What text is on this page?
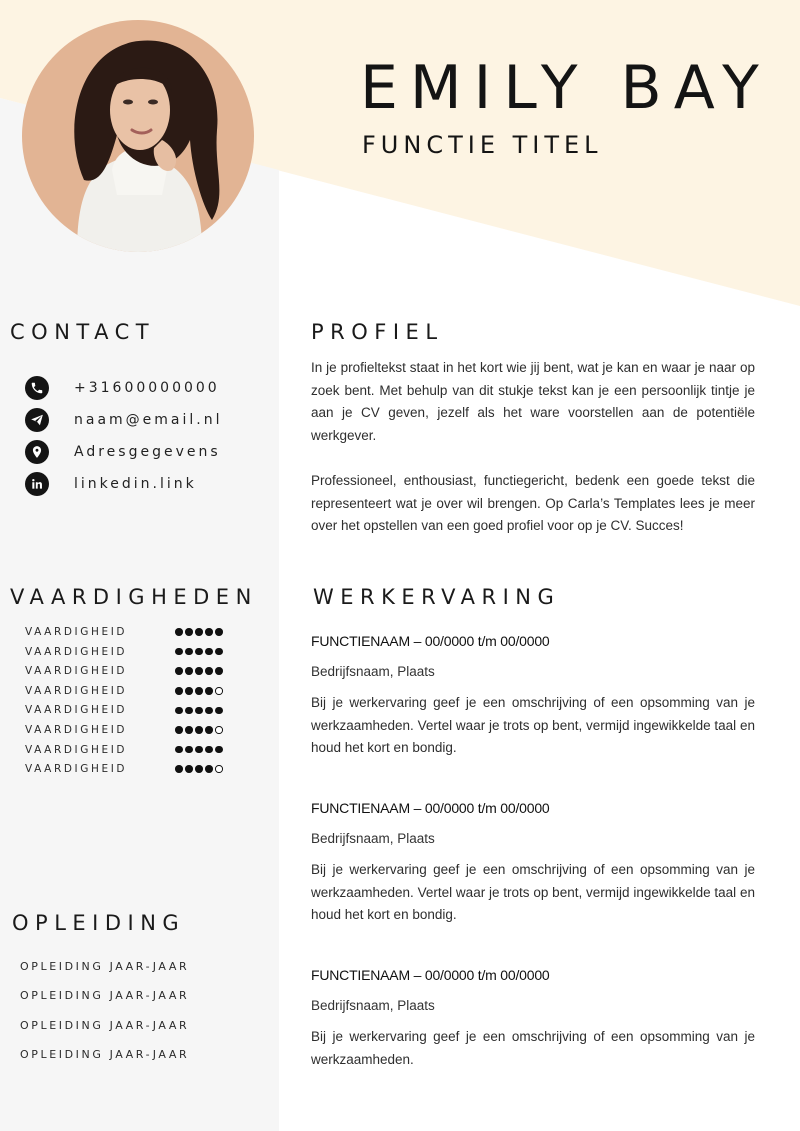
EMILY BAY
FUNCTIE TITEL
CONTACT
+31600000000
naam@email.nl
Adresgegevens
linkedin.link
VAARDIGHEDEN
VAARDIGHEID
VAARDIGHEID
VAARDIGHEID
VAARDIGHEID
VAARDIGHEID
VAARDIGHEID
VAARDIGHEID
VAARDIGHEID
OPLEIDING
OPLEIDING JAAR-JAAR
OPLEIDING JAAR-JAAR
OPLEIDING JAAR-JAAR
OPLEIDING JAAR-JAAR
PROFIEL

In je profieltekst staat in het kort wie jij bent, wat je kan en waar je naar op zoek bent. Met behulp van dit stukje tekst kan je een persoonlijk tintje je aan je CV geven, jezelf als het ware voorstellen aan de potentiële werkgever.

Professioneel, enthousiast, functiegericht, bedenk een goede tekst die representeert wat je over wil brengen. Op Carla’s Templates lees je meer over het opstellen van een goed profiel voor op je CV. Succes!

WERKERVARING
FUNCTIENAAM – 00/0000 t/m 00/0000
Bedrijfsnaam, Plaats

Bij je werkervaring geef je een omschrijving of een opsomming van je werkzaamheden. Vertel waar je trots op bent, vermijd ingewikkelde taal en houd het kort en bondig.

FUNCTIENAAM – 00/0000 t/m 00/0000
Bedrijfsnaam, Plaats

Bij je werkervaring geef je een omschrijving of een opsomming van je werkzaamheden. Vertel waar je trots op bent, vermijd ingewikkelde taal en houd het kort en bondig.

FUNCTIENAAM – 00/0000 t/m 00/0000
Bedrijfsnaam, Plaats

Bij je werkervaring geef je een omschrijving of een opsomming van je werkzaamheden.
